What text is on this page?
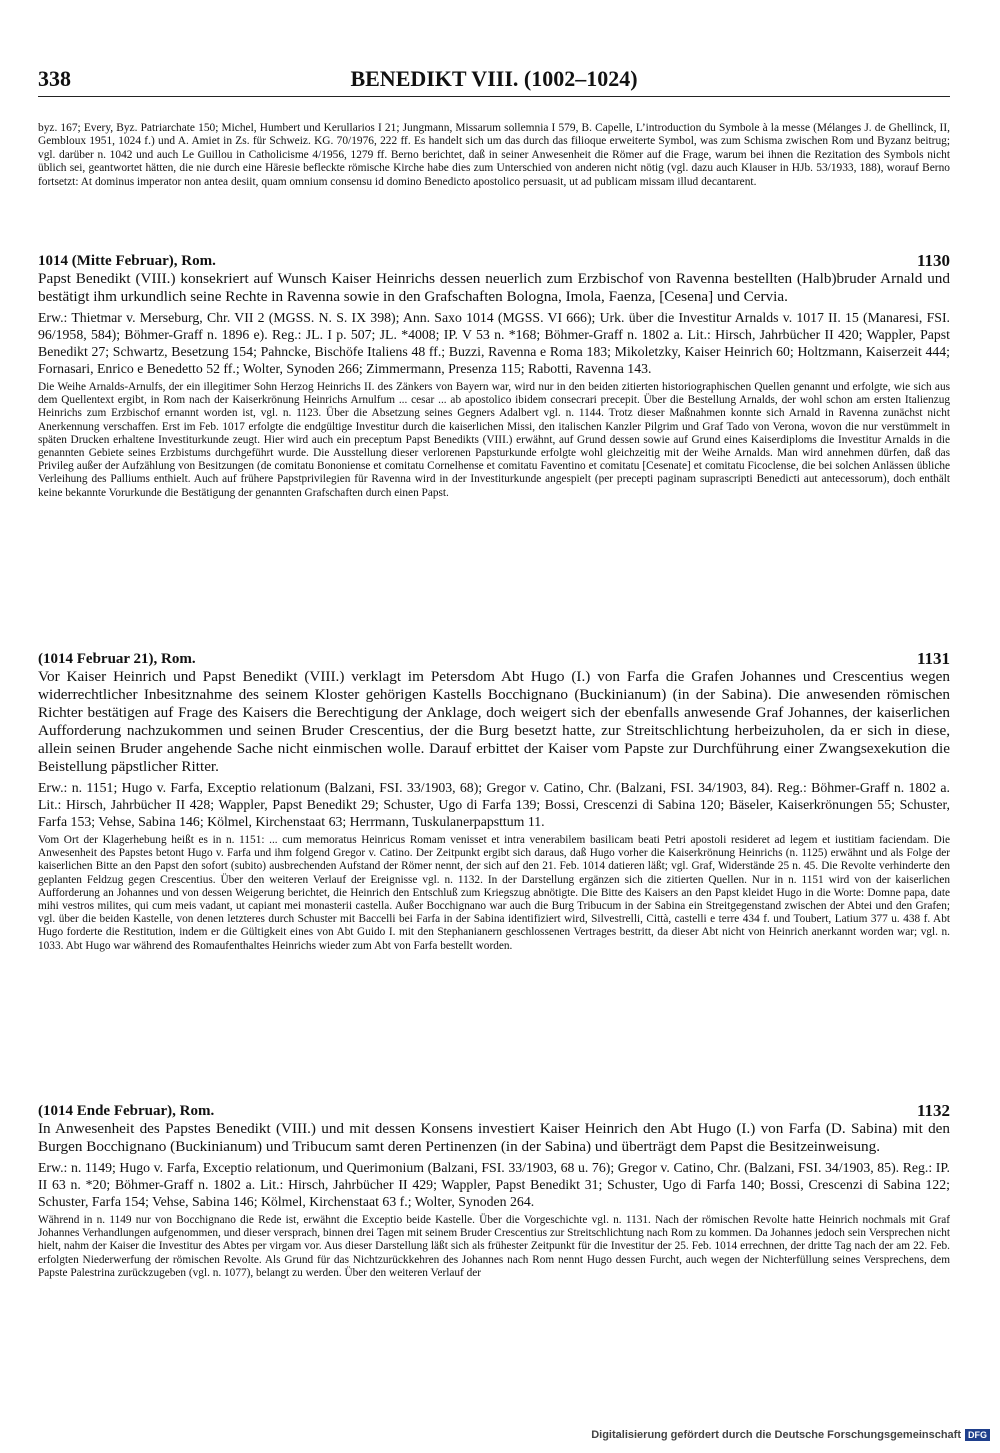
338	BENEDIKT VIII. (1002–1024)

byz. 167; Every, Byz. Patriarchate 150; Michel, Humbert und Kerullarios I 21; Jungmann, Missarum sollemnia I 579, B. Capelle, L’introduction du Symbole à la messe (Mélanges J. de Ghellinck, II, Gembloux 1951, 1024 f.) und A. Amiet in Zs. für Schweiz. KG. 70/1976, 222 ff. Es handelt sich um das durch das filioque erweiterte Symbol, was zum Schisma zwischen Rom und Byzanz beitrug; vgl. darüber n. 1042 und auch Le Guillou in Catholicisme 4/1956, 1279 ff. Berno berichtet, daß in seiner Anwesenheit die Römer auf die Frage, warum bei ihnen die Rezitation des Symbols nicht üblich sei, geantwortet hätten, die nie durch eine Häresie befleckte römische Kirche habe dies zum Unterschied von anderen nicht nötig (vgl. dazu auch Klauser in HJb. 53/1933, 188), worauf Berno fortsetzt: At dominus imperator non antea desiit, quam omnium consensu id domino Benedicto apostolico persuasit, ut ad publicam missam illud decantarent.

1014 (Mitte Februar), Rom.	1130

Papst Benedikt (VIII.) konsekriert auf Wunsch Kaiser Heinrichs dessen neuerlich zum Erzbischof von Ravenna bestellten (Halb)bruder Arnald und bestätigt ihm urkundlich seine Rechte in Ravenna sowie in den Grafschaften Bologna, Imola, Faenza, [Cesena] und Cervia.

Erw.: Thietmar v. Merseburg, Chr. VII 2 (MGSS. N. S. IX 398); Ann. Saxo 1014 (MGSS. VI 666); Urk. über die Investitur Arnalds v. 1017 II. 15 (Manaresi, FSI. 96/1958, 584); Böhmer-Graff n. 1896 e). Reg.: JL. I p. 507; JL. *4008; IP. V 53 n. *168; Böhmer-Graff n. 1802 a. Lit.: Hirsch, Jahrbücher II 420; Wappler, Papst Benedikt 27; Schwartz, Besetzung 154; Pahncke, Bischöfe Italiens 48 ff.; Buzzi, Ravenna e Roma 183; Mikoletzky, Kaiser Heinrich 60; Holtzmann, Kaiserzeit 444; Fornasari, Enrico e Benedetto 52 ff.; Wolter, Synoden 266; Zimmermann, Presenza 115; Rabotti, Ravenna 143.

Die Weihe Arnalds-Arnulfs, der ein illegitimer Sohn Herzog Heinrichs II. des Zänkers von Bayern war, wird nur in den beiden zitierten historiographischen Quellen genannt und erfolgte, wie sich aus dem Quellentext ergibt, in Rom nach der Kaiserkrönung Heinrichs Arnulfum ... cesar ... ab apostolico ibidem consecrari precepit. Über die Bestellung Arnalds, der wohl schon am ersten Italienzug Heinrichs zum Erzbischof ernannt worden ist, vgl. n. 1123. Über die Absetzung seines Gegners Adalbert vgl. n. 1144. Trotz dieser Maßnahmen konnte sich Arnald in Ravenna zunächst nicht Anerkennung verschaffen. Erst im Feb. 1017 erfolgte die endgültige Investitur durch die kaiserlichen Missi, den italischen Kanzler Pilgrim und Graf Tado von Verona, wovon die nur verstümmelt in späten Drucken erhaltene Investiturkunde zeugt. Hier wird auch ein preceptum Papst Benedikts (VIII.) erwähnt, auf Grund dessen sowie auf Grund eines Kaiserdiploms die Investitur Arnalds in die genannten Gebiete seines Erzbistums durchgeführt wurde. Die Ausstellung dieser verlorenen Papsturkunde erfolgte wohl gleichzeitig mit der Weihe Arnalds. Man wird annehmen dürfen, daß das Privileg außer der Aufzählung von Besitzungen (de comitatu Bononiense et comitatu Cornelhense et comitatu Faventino et comitatu [Cesenate] et comitatu Ficoclense, die bei solchen Anlässen übliche Verleihung des Palliums enthielt. Auch auf frühere Papstprivilegien für Ravenna wird in der Investiturkunde angespielt (per precepti paginam suprascripti Benedicti aut antecessorum), doch enthält keine bekannte Vorurkunde die Bestätigung der genannten Grafschaften durch einen Papst.

(1014 Februar 21), Rom.	1131

Vor Kaiser Heinrich und Papst Benedikt (VIII.) verklagt im Petersdom Abt Hugo (I.) von Farfa die Grafen Johannes und Crescentius wegen widerrechtlicher Inbesitznahme des seinem Kloster gehörigen Kastells Bocchignano (Buckinianum) (in der Sabina). Die anwesenden römischen Richter bestätigen auf Frage des Kaisers die Berechtigung der Anklage, doch weigert sich der ebenfalls anwesende Graf Johannes, der kaiserlichen Aufforderung nachzukommen und seinen Bruder Crescentius, der die Burg besetzt hatte, zur Streitschlichtung herbeizuholen, da er sich in diese, allein seinen Bruder angehende Sache nicht einmischen wolle. Darauf erbittet der Kaiser vom Papste zur Durchführung einer Zwangsexekution die Beistellung päpstlicher Ritter.

Erw.: n. 1151; Hugo v. Farfa, Exceptio relationum (Balzani, FSI. 33/1903, 68); Gregor v. Catino, Chr. (Balzani, FSI. 34/1903, 84). Reg.: Böhmer-Graff n. 1802 a. Lit.: Hirsch, Jahrbücher II 428; Wappler, Papst Benedikt 29; Schuster, Ugo di Farfa 139; Bossi, Crescenzi di Sabina 120; Bäseler, Kaiserkrönungen 55; Schuster, Farfa 153; Vehse, Sabina 146; Kölmel, Kirchenstaat 63; Herrmann, Tuskulanerpapsttum 11.

Vom Ort der Klagerhebung heißt es in n. 1151: ... cum memoratus Heinricus Romam venisset et intra venerabilem basilicam beati Petri apostoli resideret ad legem et iustitiam faciendam. Die Anwesenheit des Papstes betont Hugo v. Farfa und ihm folgend Gregor v. Catino. Der Zeitpunkt ergibt sich daraus, daß Hugo vorher die Kaiserkrönung Heinrichs (n. 1125) erwähnt und als Folge der kaiserlichen Bitte an den Papst den sofort (subito) ausbrechenden Aufstand der Römer nennt, der sich auf den 21. Feb. 1014 datieren läßt; vgl. Graf, Widerstände 25 n. 45. Die Revolte verhinderte den geplanten Feldzug gegen Crescentius. Über den weiteren Verlauf der Ereignisse vgl. n. 1132. In der Darstellung ergänzen sich die zitierten Quellen. Nur in n. 1151 wird von der kaiserlichen Aufforderung an Johannes und von dessen Weigerung berichtet, die Heinrich den Entschluß zum Kriegszug abnötigte. Die Bitte des Kaisers an den Papst kleidet Hugo in die Worte: Domne papa, date mihi vestros milites, qui cum meis vadant, ut capiant mei monasterii castella. Außer Bocchignano war auch die Burg Tribucum in der Sabina ein Streitgegenstand zwischen der Abtei und den Grafen; vgl. über die beiden Kastelle, von denen letzteres durch Schuster mit Baccelli bei Farfa in der Sabina identifiziert wird, Silvestrelli, Città, castelli e terre 434 f. und Toubert, Latium 377 u. 438 f. Abt Hugo forderte die Restitution, indem er die Gültigkeit eines von Abt Guido I. mit den Stephanianern geschlossenen Vertrages bestritt, da dieser Abt nicht von Heinrich anerkannt worden war; vgl. n. 1033. Abt Hugo war während des Romaufenthaltes Heinrichs wieder zum Abt von Farfa bestellt worden.

(1014 Ende Februar), Rom.	1132

In Anwesenheit des Papstes Benedikt (VIII.) und mit dessen Konsens investiert Kaiser Heinrich den Abt Hugo (I.) von Farfa (D. Sabina) mit den Burgen Bocchignano (Buckinianum) und Tribucum samt deren Pertinenzen (in der Sabina) und überträgt dem Papst die Besitzeinweisung.

Erw.: n. 1149; Hugo v. Farfa, Exceptio relationum, und Querimonium (Balzani, FSI. 33/1903, 68 u. 76); Gregor v. Catino, Chr. (Balzani, FSI. 34/1903, 85). Reg.: IP. II 63 n. *20; Böhmer-Graff n. 1802 a. Lit.: Hirsch, Jahrbücher II 429; Wappler, Papst Benedikt 31; Schuster, Ugo di Farfa 140; Bossi, Crescenzi di Sabina 122; Schuster, Farfa 154; Vehse, Sabina 146; Kölmel, Kirchenstaat 63 f.; Wolter, Synoden 264.

Während in n. 1149 nur von Bocchignano die Rede ist, erwähnt die Exceptio beide Kastelle. Über die Vorgeschichte vgl. n. 1131. Nach der römischen Revolte hatte Heinrich nochmals mit Graf Johannes Verhandlungen aufgenommen, und dieser versprach, binnen drei Tagen mit seinem Bruder Crescentius zur Streitschlichtung nach Rom zu kommen. Da Johannes jedoch sein Versprechen nicht hielt, nahm der Kaiser die Investitur des Abtes per virgam vor. Aus dieser Darstellung läßt sich als frühester Zeitpunkt für die Investitur der 25. Feb. 1014 errechnen, der dritte Tag nach der am 22. Feb. erfolgten Niederwerfung der römischen Revolte. Als Grund für das Nichtzurückkehren des Johannes nach Rom nennt Hugo dessen Furcht, auch wegen der Nichterfüllung seines Versprechens, dem Papste Palestrina zurückzugeben (vgl. n. 1077), belangt zu werden. Über den weiteren Verlauf der

Digitalisierung gefördert durch die Deutsche Forschungsgemeinschaft DFG
